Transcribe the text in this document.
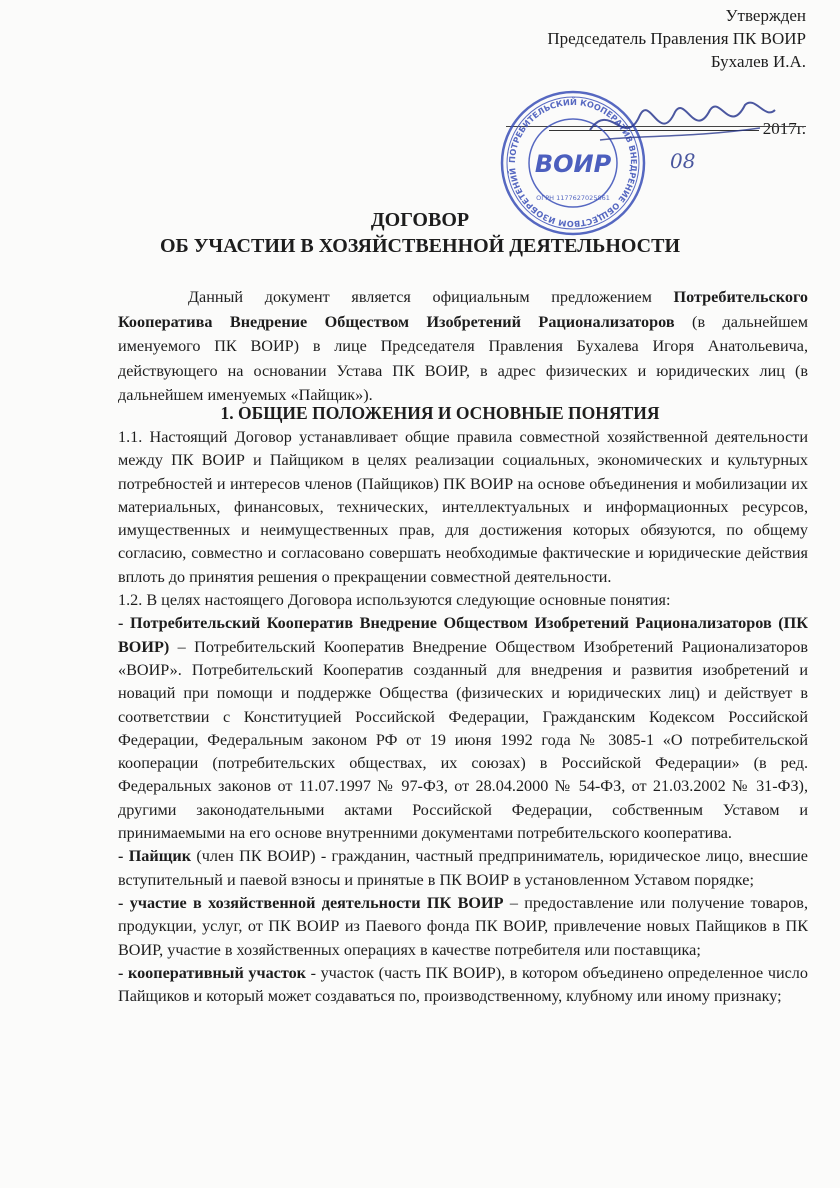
Утвержден
Председатель Правления ПК ВОИР
Бухалев И.А.
2017г.
ПОТРЕБИТЕЛЬСКИЙ КООПЕРАТИВ ВНЕДРЕНИЕ ОБЩЕСТВОМ ИЗОБРЕТЕНИЙ ВОИР
ОГРН 1177627025861
08
ДОГОВОР
ОБ УЧАСТИИ В ХОЗЯЙСТВЕННОЙ ДЕЯТЕЛЬНОСТИ

Данный документ является официальным предложением Потребительского Кооператива Внедрение Обществом Изобретений Рационализаторов (в дальнейшем именуемого ПК ВОИР) в лице Председателя Правления Бухалева Игоря Анатольевича, действующего на основании Устава ПК ВОИР, в адрес физических и юридических лиц (в дальнейшем именуемых «Пайщик»).

1. ОБЩИЕ ПОЛОЖЕНИЯ И ОСНОВНЫЕ ПОНЯТИЯ

1.1. Настоящий Договор устанавливает общие правила совместной хозяйственной деятельности между ПК ВОИР и Пайщиком в целях реализации социальных, экономических и культурных потребностей и интересов членов (Пайщиков) ПК ВОИР на основе объединения и мобилизации их материальных, финансовых, технических, интеллектуальных и информационных ресурсов, имущественных и неимущественных прав, для достижения которых обязуются, по общему согласию, совместно и согласовано совершать необходимые фактические и юридические действия вплоть до принятия решения о прекращении совместной деятельности.

1.2. В целях настоящего Договора используются следующие основные понятия:

- Потребительский Кооператив Внедрение Обществом Изобретений Рационализаторов (ПК ВОИР) – Потребительский Кооператив Внедрение Обществом Изобретений Рационализаторов «ВОИР». Потребительский Кооператив созданный для внедрения и развития изобретений и новаций при помощи и поддержке Общества (физических и юридических лиц) и действует в соответствии с Конституцией Российской Федерации, Гражданским Кодексом Российской Федерации, Федеральным законом РФ от 19 июня 1992 года № 3085-1 «О потребительской кооперации (потребительских обществах, их союзах) в Российской Федерации» (в ред. Федеральных законов от 11.07.1997 № 97-ФЗ, от 28.04.2000 № 54-ФЗ, от 21.03.2002 № 31-ФЗ), другими законодательными актами Российской Федерации, собственным Уставом и принимаемыми на его основе внутренними документами потребительского кооператива.

- Пайщик (член ПК ВОИР) - гражданин, частный предприниматель, юридическое лицо, внесшие вступительный и паевой взносы и принятые в ПК ВОИР в установленном Уставом порядке;

- участие в хозяйственной деятельности ПК ВОИР – предоставление или получение товаров, продукции, услуг, от ПК ВОИР из Паевого фонда ПК ВОИР, привлечение новых Пайщиков в ПК ВОИР, участие в хозяйственных операциях в качестве потребителя или поставщика;

- кооперативный участок - участок (часть ПК ВОИР), в котором объединено определенное число Пайщиков и который может создаваться по, производственному, клубному или иному признаку;
